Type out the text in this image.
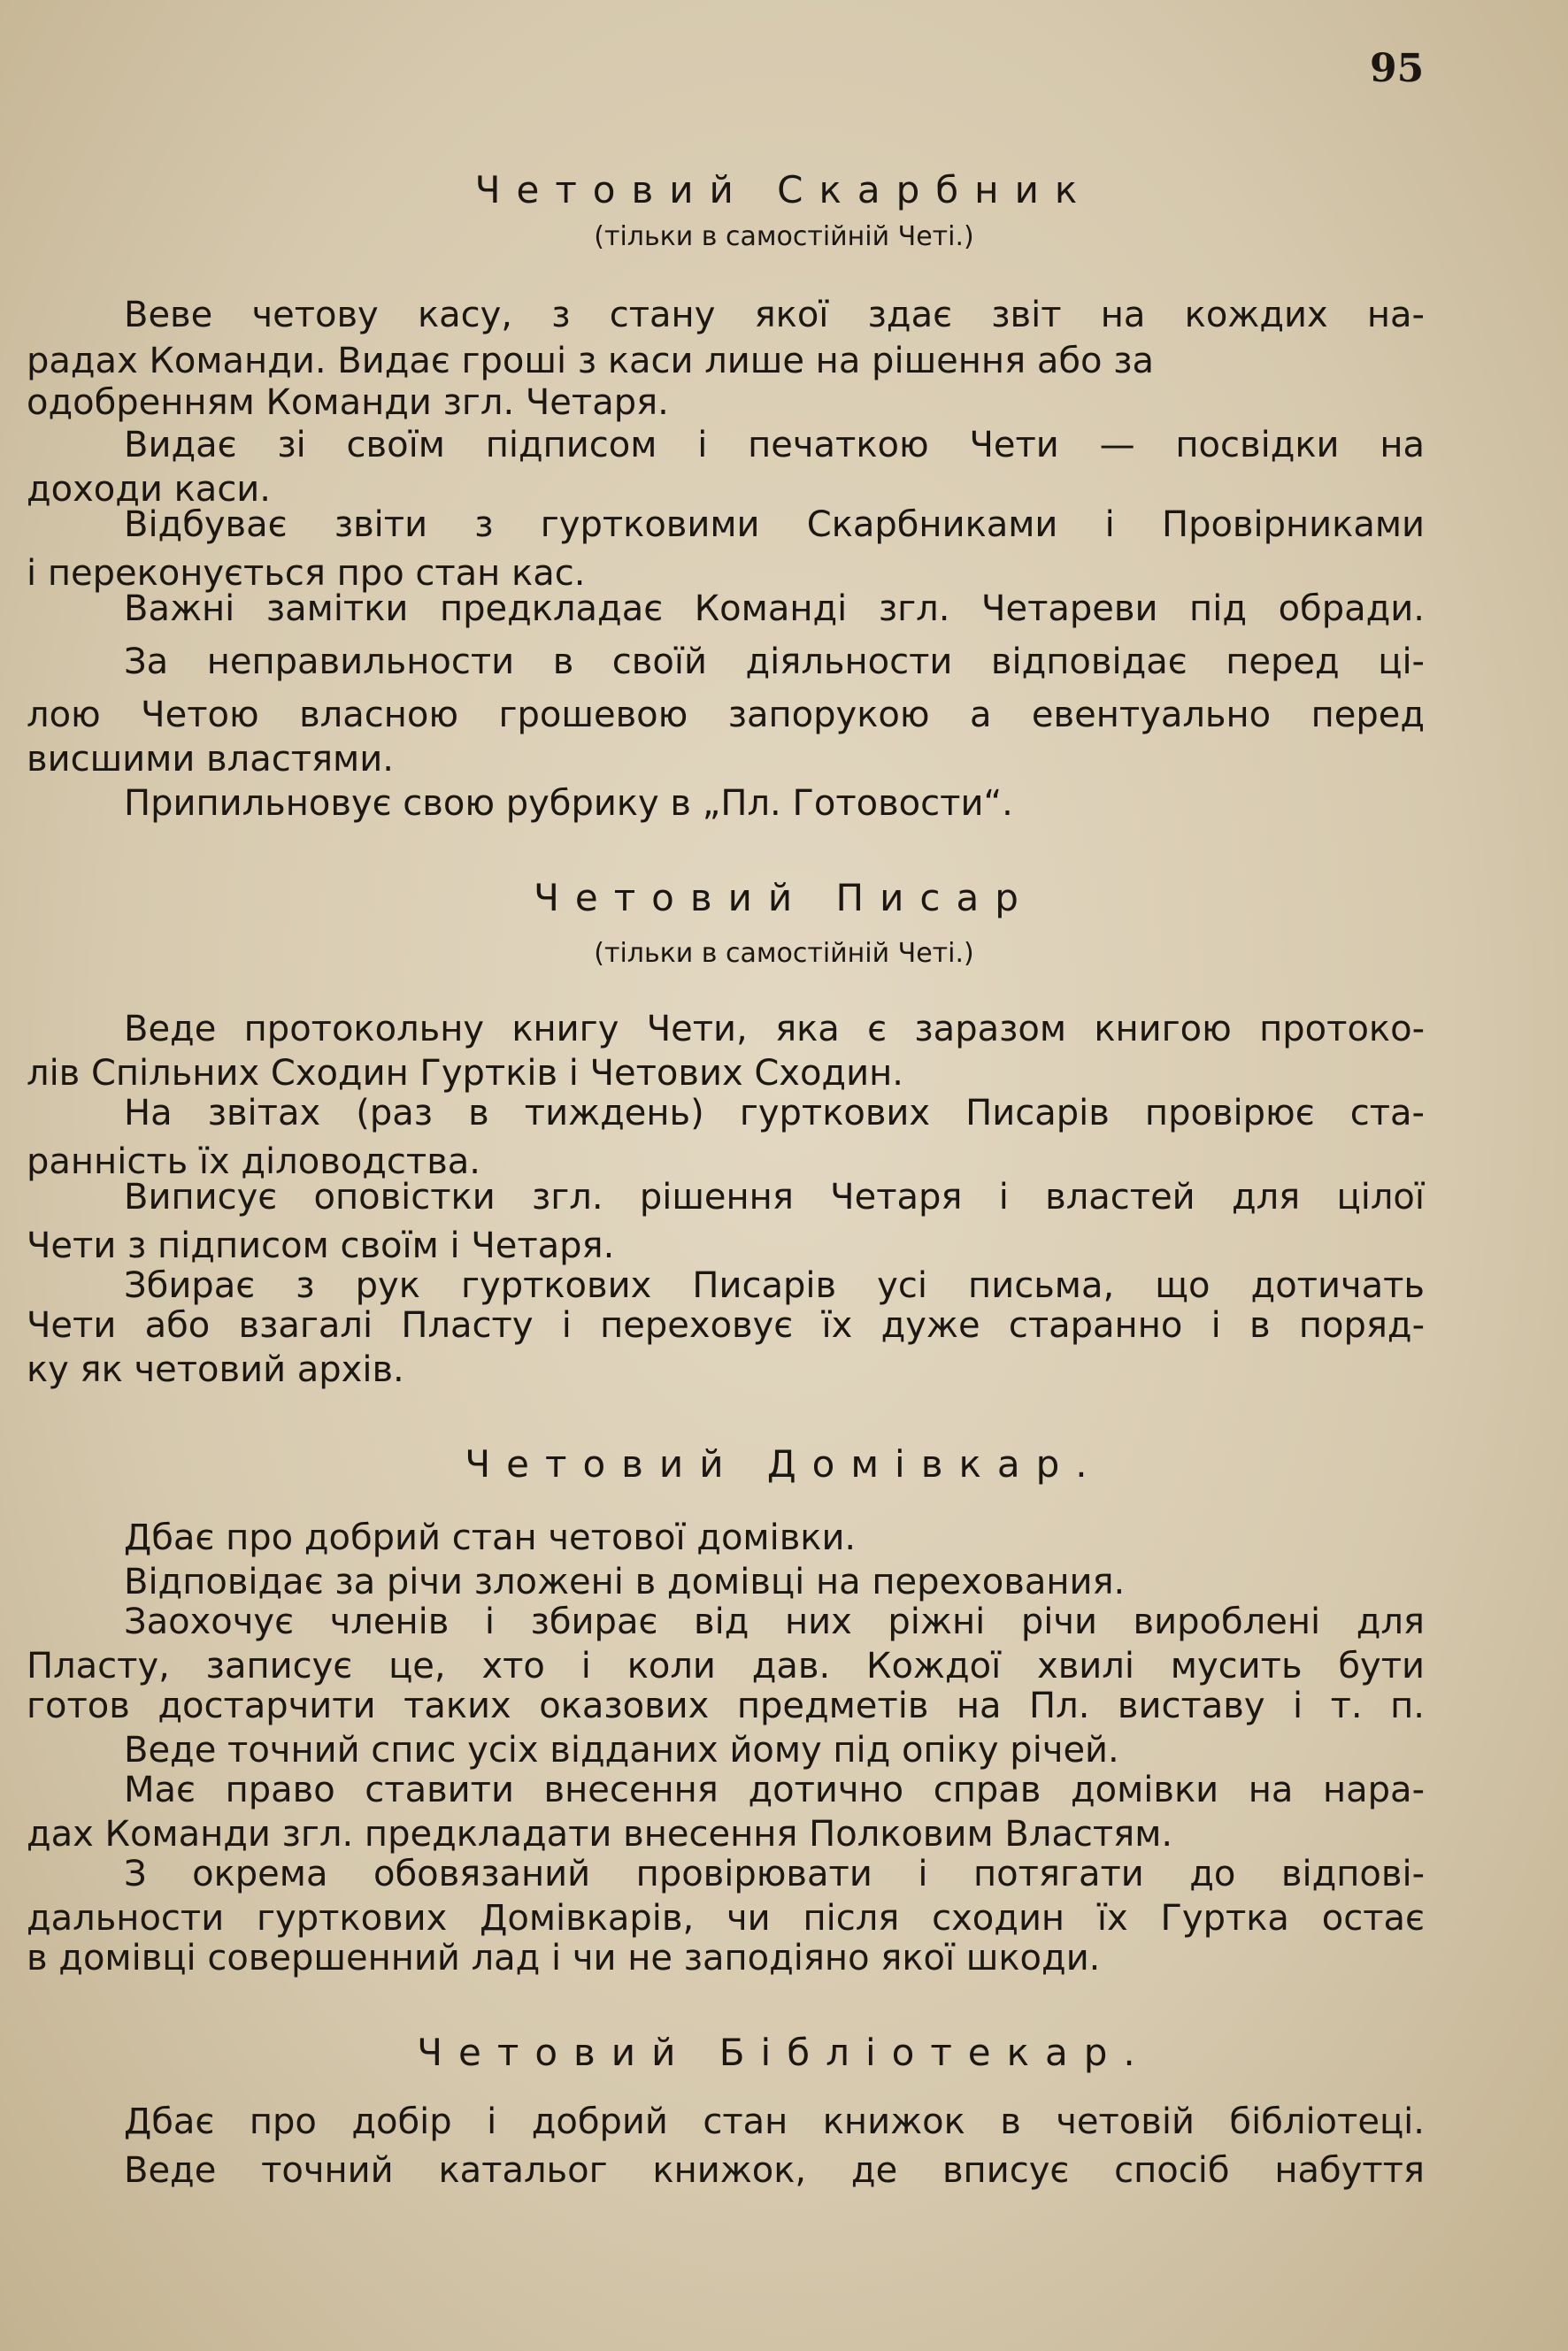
95
Четовий Скарбник
(тільки в самостійній Четі.)
Веве четову касу, з стану якої здає звіт на кождих на-
радах Команди. Видає гроші з каси лише на рішення або за
одобренням Команди згл. Четаря.
Видає зі своїм підписом і печаткою Чети — посвідки на
доходи каси.
Відбуває звіти з гуртковими Скарбниками і Провірниками
і переконується про стан кас.
Важні замітки предкладає Команді згл. Четареви під обради.
За неправильности в своїй діяльности відповідає перед ці-
лою Четою власною грошевою запорукою а евентуально перед
висшими властями.
Припильновує свою рубрику в „Пл. Готовости“.
Четовий Писар
(тільки в самостійній Четі.)
Веде протокольну книгу Чети, яка є заразом книгою протоко-
лів Спільних Сходин Гуртків і Четових Сходин.
На звітах (раз в тиждень) гурткових Писарів провірює ста-
ранність їх діловодства.
Виписує оповістки згл. рішення Четаря і властей для цілої
Чети з підписом своїм і Четаря.
Збирає з рук гурткових Писарів усі письма, що дотичать
Чети або взагалі Пласту і переховує їх дуже старанно і в поряд-
ку як четовий архів.
Четовий Домівкар.
Дбає про добрий стан четової домівки.
Відповідає за річи зложені в домівці на перехования.
Заохочує членів і збирає від них ріжні річи вироблені для
Пласту, записує це, хто і коли дав. Кождої хвилі мусить бути
готов достарчити таких оказових предметів на Пл. виставу і т. п.
Веде точний спис усіх відданих йому під опіку річей.
Має право ставити внесення дотично справ домівки на нара-
дах Команди згл. предкладати внесення Полковим Властям.
З окрема обовязаний провірювати і потягати до відпові-
дальности гурткових Домівкарів, чи після сходин їх Гуртка остає
в домівці совершенний лад і чи не заподіяно якої шкоди.
Четовий Бібліотекар.
Дбає про добір і добрий стан книжок в четовій бібліотеці.
Веде точний катальог книжок, де вписує спосіб набуття
